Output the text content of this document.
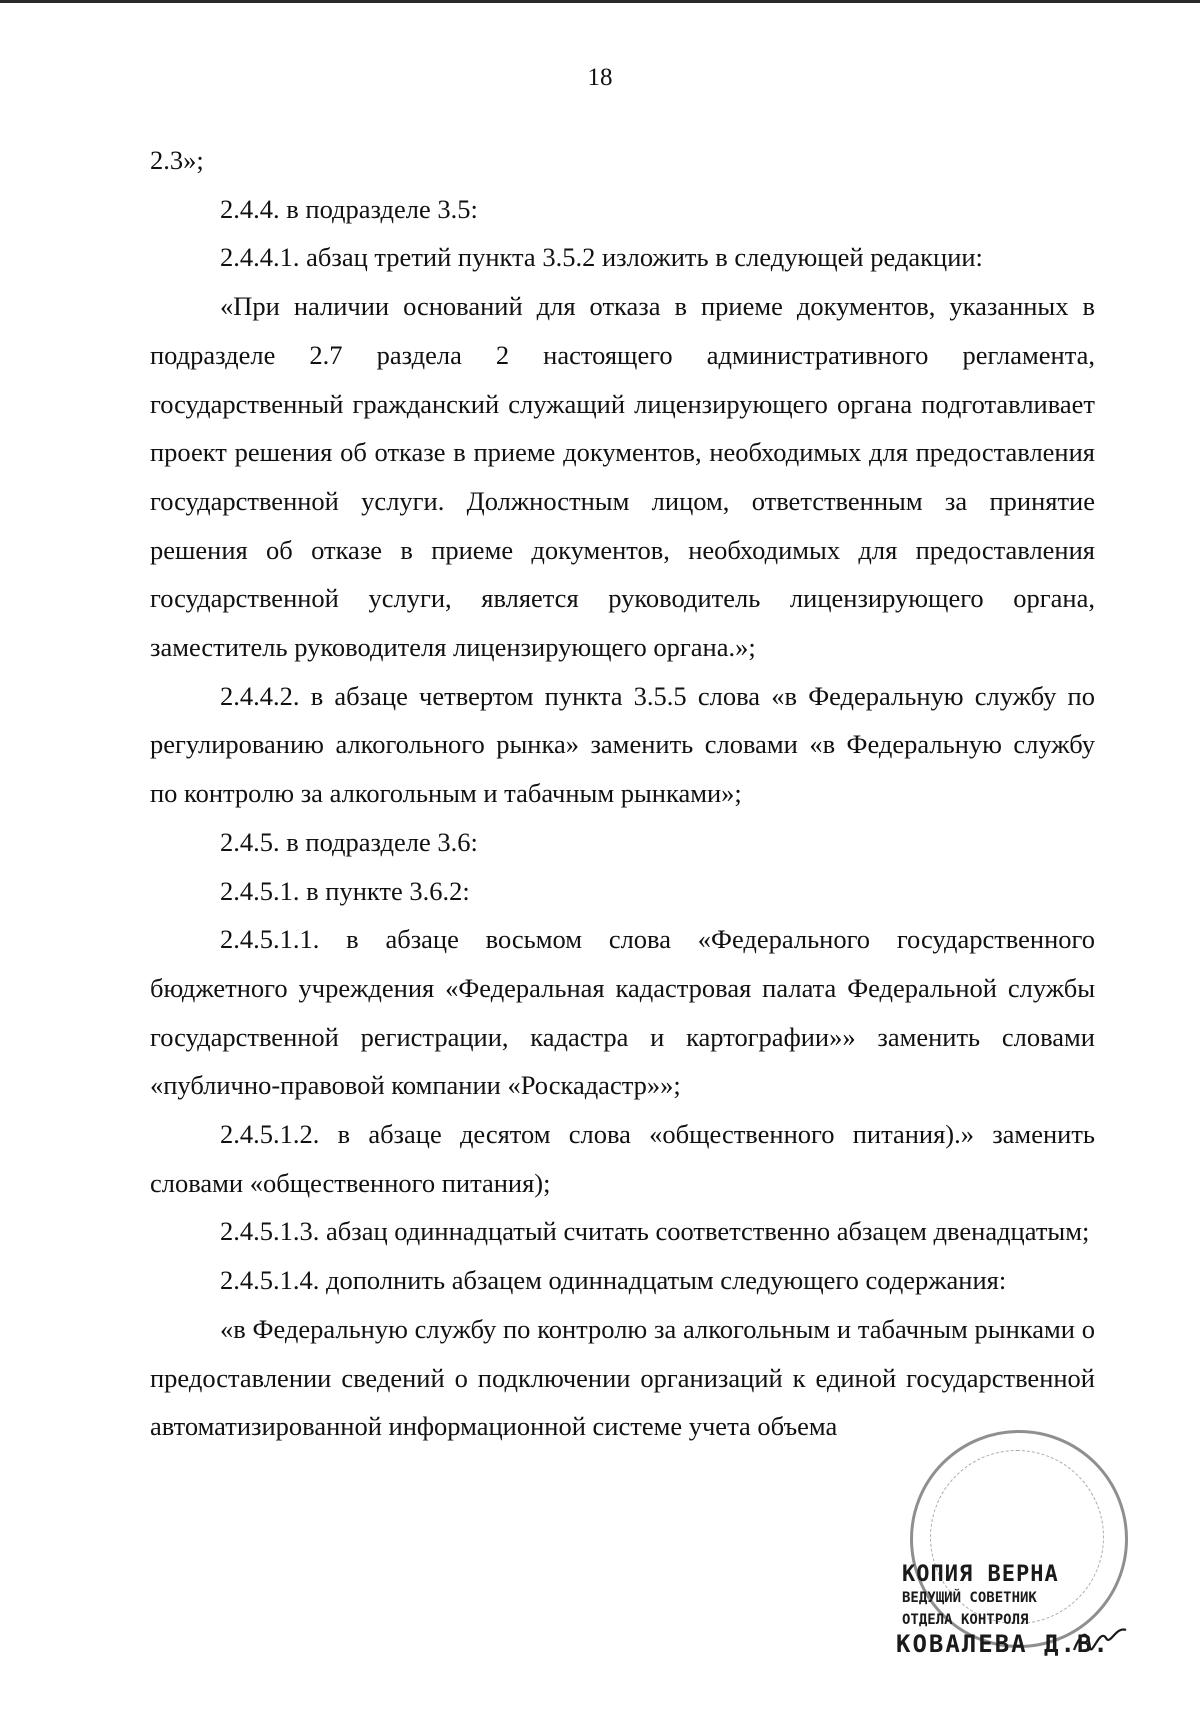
18

2.3»;

2.4.4. в подразделе 3.5:

2.4.4.1. абзац третий пункта 3.5.2 изложить в следующей редакции:

«При наличии оснований для отказа в приеме документов, указанных в подразделе 2.7 раздела 2 настоящего административного регламента, государственный гражданский служащий лицензирующего органа подготавливает проект решения об отказе в приеме документов, необходимых для предоставления государственной услуги. Должностным лицом, ответственным за принятие решения об отказе в приеме документов, необходимых для предоставления государственной услуги, является руководитель лицензирующего органа, заместитель руководителя лицензирующего органа.»;

2.4.4.2. в абзаце четвертом пункта 3.5.5 слова «в Федеральную службу по регулированию алкогольного рынка» заменить словами «в Федеральную службу по контролю за алкогольным и табачным рынками»;

2.4.5. в подразделе 3.6:

2.4.5.1. в пункте 3.6.2:

2.4.5.1.1. в абзаце восьмом слова «Федерального государственного бюджетного учреждения «Федеральная кадастровая палата Федеральной службы государственной регистрации, кадастра и картографии»» заменить словами «публично-правовой компании «Роскадастр»»;

2.4.5.1.2. в абзаце десятом слова «общественного питания).» заменить словами «общественного питания);

2.4.5.1.3. абзац одиннадцатый считать соответственно абзацем двенадцатым;

2.4.5.1.4. дополнить абзацем одиннадцатым следующего содержания:

«в Федеральную службу по контролю за алкогольным и табачным рынками о предоставлении сведений о подключении организаций к единой государственной автоматизированной информационной системе учета объема

КОПИЯ ВЕРНА
ВЕДУЩИЙ СОВЕТНИК
ОТДЕЛА КОНТРОЛЯ
КОВАЛЕВА Д.В.
